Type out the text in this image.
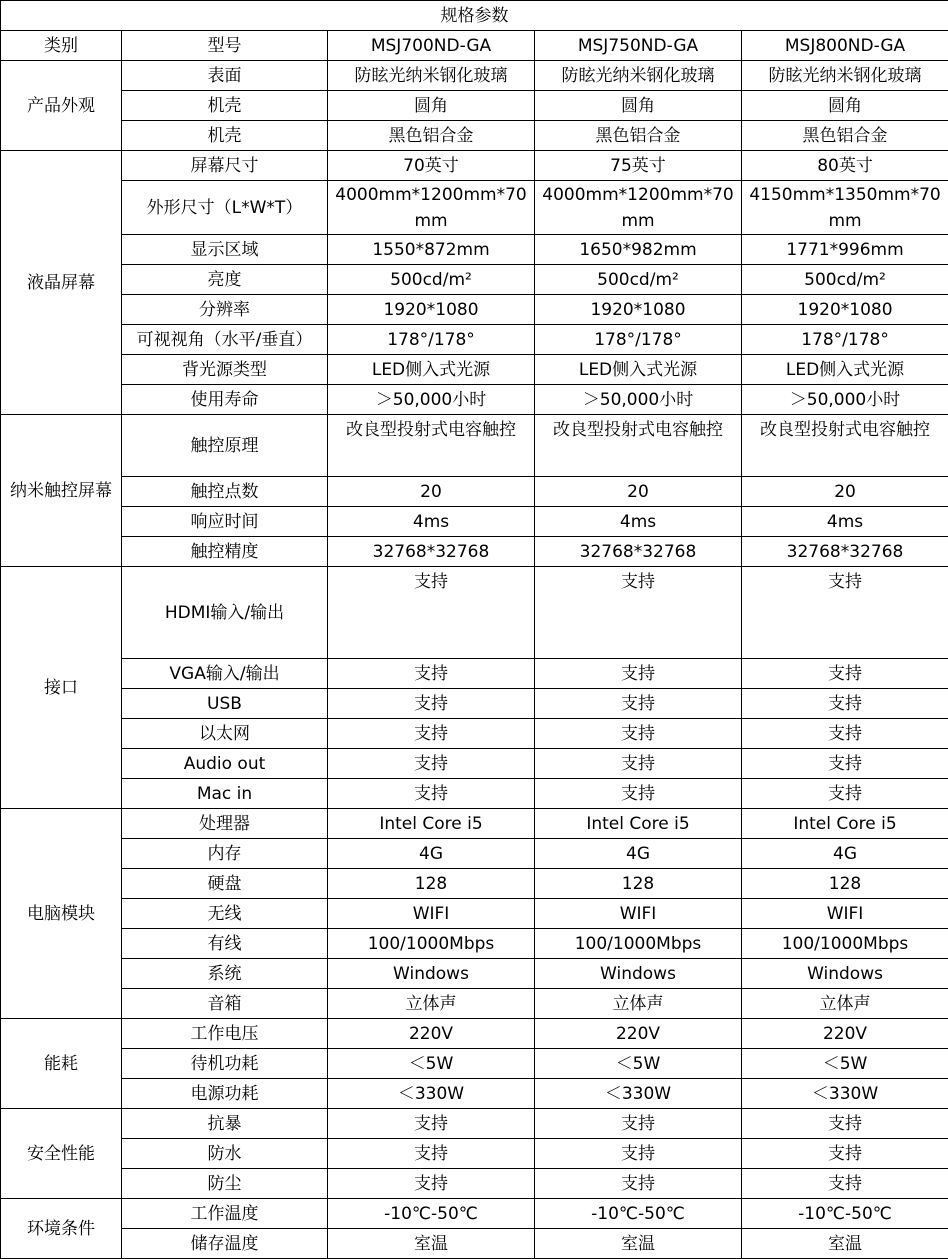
规格参数				
类别	型号	MSJ700ND-GA	MSJ750ND-GA	MSJ800ND-GA
产品外观	表面	防眩光纳米钢化玻璃	防眩光纳米钢化玻璃	防眩光纳米钢化玻璃
	机壳	圆角	圆角	圆角
	机壳	黑色铝合金	黑色铝合金	黑色铝合金
液晶屏幕	屏幕尺寸	70英寸	75英寸	80英寸
	外形尺寸（L*W*T）	4000mm*1200mm*70mm	4000mm*1200mm*70mm	4150mm*1350mm*70mm
	显示区域	1550*872mm	1650*982mm	1771*996mm
	亮度	500cd/m²	500cd/m²	500cd/m²
	分辨率	1920*1080	1920*1080	1920*1080
	可视视角（水平/垂直）	178°/178°	178°/178°	178°/178°
	背光源类型	LED侧入式光源	LED侧入式光源	LED侧入式光源
	使用寿命	＞50,000小时	＞50,000小时	＞50,000小时
纳米触控屏幕	触控原理	改良型投射式电容触控	改良型投射式电容触控	改良型投射式电容触控
	触控点数	20	20	20
	响应时间	4ms	4ms	4ms
	触控精度	32768*32768	32768*32768	32768*32768
接口	HDMI输入/输出	支持	支持	支持
	VGA输入/输出	支持	支持	支持
	USB	支持	支持	支持
	以太网	支持	支持	支持
	Audio out	支持	支持	支持
	Mac in	支持	支持	支持
电脑模块	处理器	Intel Core i5	Intel Core i5	Intel Core i5
	内存	4G	4G	4G
	硬盘	128	128	128
	无线	WIFI	WIFI	WIFI
	有线	100/1000Mbps	100/1000Mbps	100/1000Mbps
	系统	Windows	Windows	Windows
	音箱	立体声	立体声	立体声
能耗	工作电压	220V	220V	220V
	待机功耗	＜5W	＜5W	＜5W
	电源功耗	＜330W	＜330W	＜330W
安全性能	抗暴	支持	支持	支持
	防水	支持	支持	支持
	防尘	支持	支持	支持
环境条件	工作温度	-10℃-50℃	-10℃-50℃	-10℃-50℃
	储存温度	室温	室温	室温
